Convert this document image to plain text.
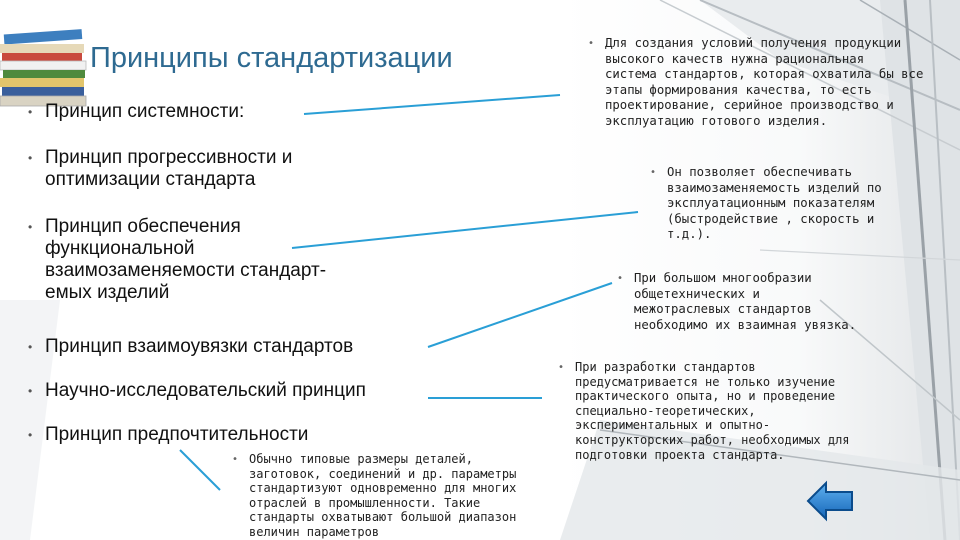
Принципы стандартизации
• Принцип системности:
• Принцип прогрессивности и
оптимизации стандарта
• Принцип обеспечения
функциональной
взаимозаменяемости стандарт-
емых изделий
• Принцип взаимоувязки стандартов
• Научно-исследовательский принцип
• Принцип предпочтительности
• Для создания условий получения продукции
высокого качеств нужна рациональная
система стандартов, которая охватила бы все
этапы формирования качества, то есть
проектирование, серийное производство и
эксплуатацию готового изделия.
• Он позволяет обеспечивать
взаимозаменяемость изделий по
эксплуатационным показателям
(быстродействие , скорость и
т.д.).
• При большом многообразии
общетехнических и
межотраслевых стандартов
необходимо их взаимная увязка.
• При разработки стандартов
предусматривается не только изучение
практического опыта, но и проведение
специально-теоретических,
экспериментальных и опытно-
конструкторских работ, необходимых для
подготовки проекта стандарта.
• Обычно типовые размеры деталей,
заготовок, соединений и др. параметры
стандартизуют одновременно для многих
отраслей в промышленности. Такие
стандарты охватывают большой диапазон
величин параметров
